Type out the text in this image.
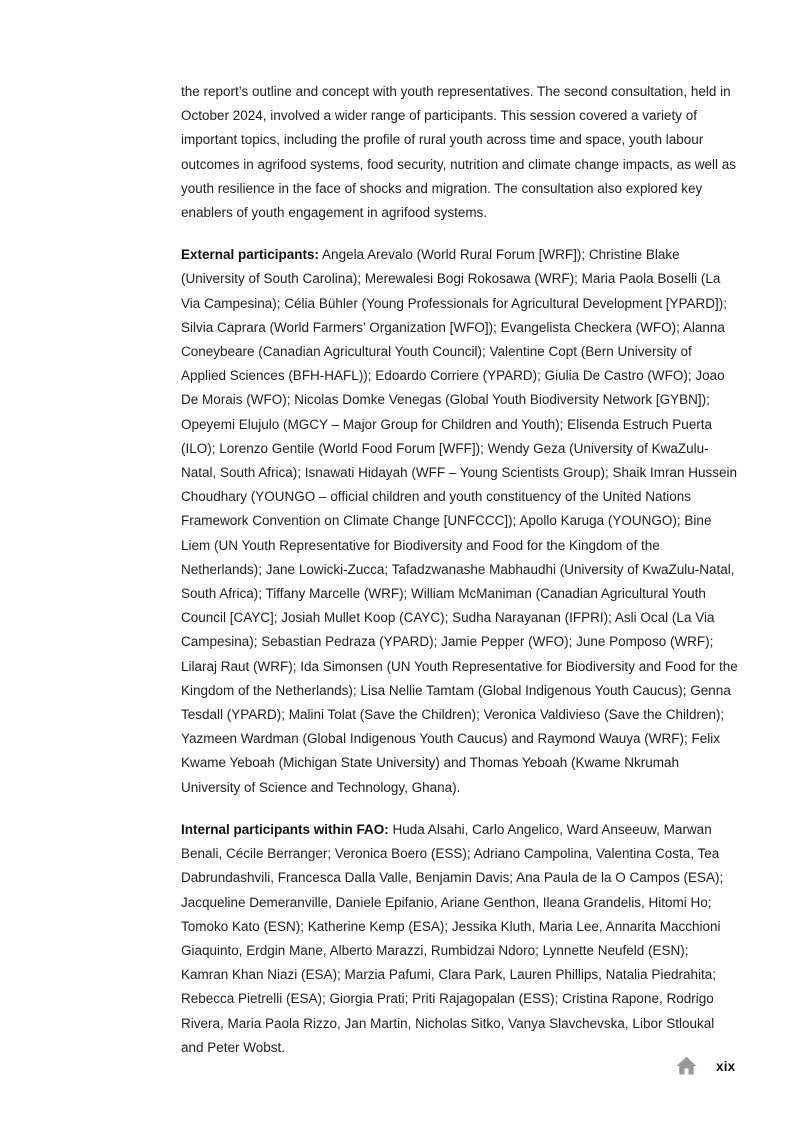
the report’s outline and concept with youth representatives. The second consultation, held in October 2024, involved a wider range of participants. This session covered a variety of important topics, including the profile of rural youth across time and space, youth labour outcomes in agrifood systems, food security, nutrition and climate change impacts, as well as youth resilience in the face of shocks and migration. The consultation also explored key enablers of youth engagement in agrifood systems.

External participants: Angela Arevalo (World Rural Forum [WRF]); Christine Blake (University of South Carolina); Merewalesi Bogi Rokosawa (WRF); Maria Paola Boselli (La Via Campesina); Célia Bühler (Young Professionals for Agricultural Development [YPARD]); Silvia Caprara (World Farmers’ Organization [WFO]); Evangelista Checkera (WFO); Alanna Coneybeare (Canadian Agricultural Youth Council); Valentine Copt (Bern University of Applied Sciences (BFH-HAFL)); Edoardo Corriere (YPARD); Giulia De Castro (WFO); Joao De Morais (WFO); Nicolas Domke Venegas (Global Youth Biodiversity Network [GYBN]); Opeyemi Elujulo (MGCY – Major Group for Children and Youth); Elisenda Estruch Puerta (ILO); Lorenzo Gentile (World Food Forum [WFF]); Wendy Geza (University of KwaZulu-Natal, South Africa); Isnawati Hidayah (WFF – Young Scientists Group); Shaik Imran Hussein Choudhary (YOUNGO – official children and youth constituency of the United Nations Framework Convention on Climate Change [UNFCCC]); Apollo Karuga (YOUNGO); Bine Liem (UN Youth Representative for Biodiversity and Food for the Kingdom of the Netherlands); Jane Lowicki-Zucca; Tafadzwanashe Mabhaudhi (University of KwaZulu-Natal, South Africa); Tiffany Marcelle (WRF); William McManiman (Canadian Agricultural Youth Council [CAYC]; Josiah Mullet Koop (CAYC); Sudha Narayanan (IFPRI); Asli Ocal (La Via Campesina); Sebastian Pedraza (YPARD); Jamie Pepper (WFO); June Pomposo (WRF); Lilaraj Raut (WRF); Ida Simonsen (UN Youth Representative for Biodiversity and Food for the Kingdom of the Netherlands); Lisa Nellie Tamtam (Global Indigenous Youth Caucus); Genna Tesdall (YPARD); Malini Tolat (Save the Children); Veronica Valdivieso (Save the Children); Yazmeen Wardman (Global Indigenous Youth Caucus) and Raymond Wauya (WRF); Felix Kwame Yeboah (Michigan State University) and Thomas Yeboah (Kwame Nkrumah University of Science and Technology, Ghana).

Internal participants within FAO: Huda Alsahi, Carlo Angelico, Ward Anseeuw, Marwan Benali, Cécile Berranger; Veronica Boero (ESS); Adriano Campolina, Valentina Costa, Tea Dabrundashvili, Francesca Dalla Valle, Benjamin Davis; Ana Paula de la O Campos (ESA); Jacqueline Demeranville, Daniele Epifanio, Ariane Genthon, Ileana Grandelis, Hitomi Ho; Tomoko Kato (ESN); Katherine Kemp (ESA); Jessika Kluth, Maria Lee, Annarita Macchioni Giaquinto, Erdgin Mane, Alberto Marazzi, Rumbidzai Ndoro; Lynnette Neufeld (ESN); Kamran Khan Niazi (ESA); Marzia Pafumi, Clara Park, Lauren Phillips, Natalia Piedrahita; Rebecca Pietrelli (ESA); Giorgia Prati; Priti Rajagopalan (ESS); Cristina Rapone, Rodrigo Rivera, Maria Paola Rizzo, Jan Martin, Nicholas Sitko, Vanya Slavchevska, Libor Stloukal and Peter Wobst.

xix
